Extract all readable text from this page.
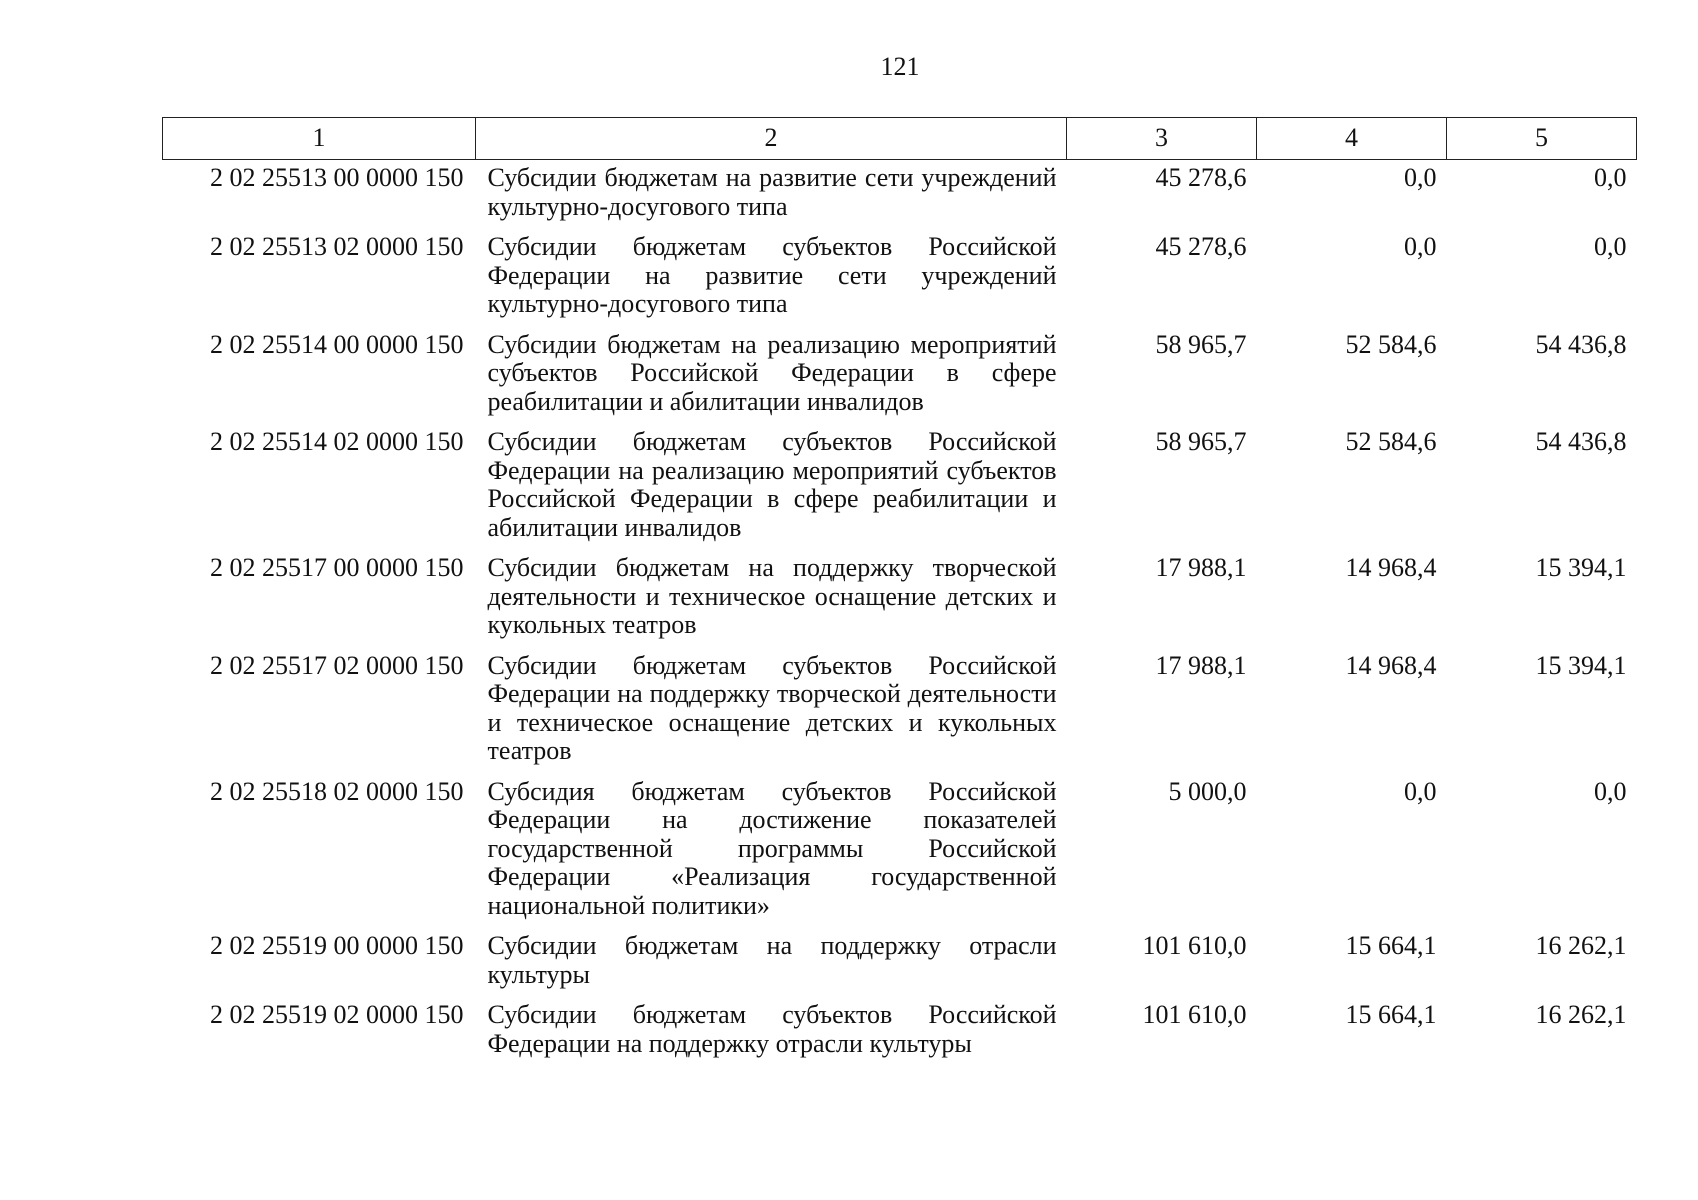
121
1	2	3	4	5
2 02 25513 00 0000 150	Субсидии бюджетам на развитие сети учреждений культурно-досугового типа	45 278,6	0,0	0,0
2 02 25513 02 0000 150	Субсидии бюджетам субъектов Российской Федерации на развитие сети учреждений культурно-досугового типа	45 278,6	0,0	0,0
2 02 25514 00 0000 150	Субсидии бюджетам на реализацию мероприятий субъектов Российской Федерации в сфере реабилитации и абилитации инвалидов	58 965,7	52 584,6	54 436,8
2 02 25514 02 0000 150	Субсидии бюджетам субъектов Российской Федерации на реализацию мероприятий субъектов Российской Федерации в сфере реабилитации и абилитации инвалидов	58 965,7	52 584,6	54 436,8
2 02 25517 00 0000 150	Субсидии бюджетам на поддержку творческой деятельности и техническое оснащение детских и кукольных театров	17 988,1	14 968,4	15 394,1
2 02 25517 02 0000 150	Субсидии бюджетам субъектов Российской Федерации на поддержку творческой деятельности и техническое оснащение детских и кукольных театров	17 988,1	14 968,4	15 394,1
2 02 25518 02 0000 150	Субсидия бюджетам субъектов Российской Федерации на достижение показателей государственной программы Российской Федерации «Реализация государственной национальной политики»	5 000,0	0,0	0,0
2 02 25519 00 0000 150	Субсидии бюджетам на поддержку отрасли культуры	101 610,0	15 664,1	16 262,1
2 02 25519 02 0000 150	Субсидии бюджетам субъектов Российской Федерации на поддержку отрасли культуры	101 610,0	15 664,1	16 262,1
